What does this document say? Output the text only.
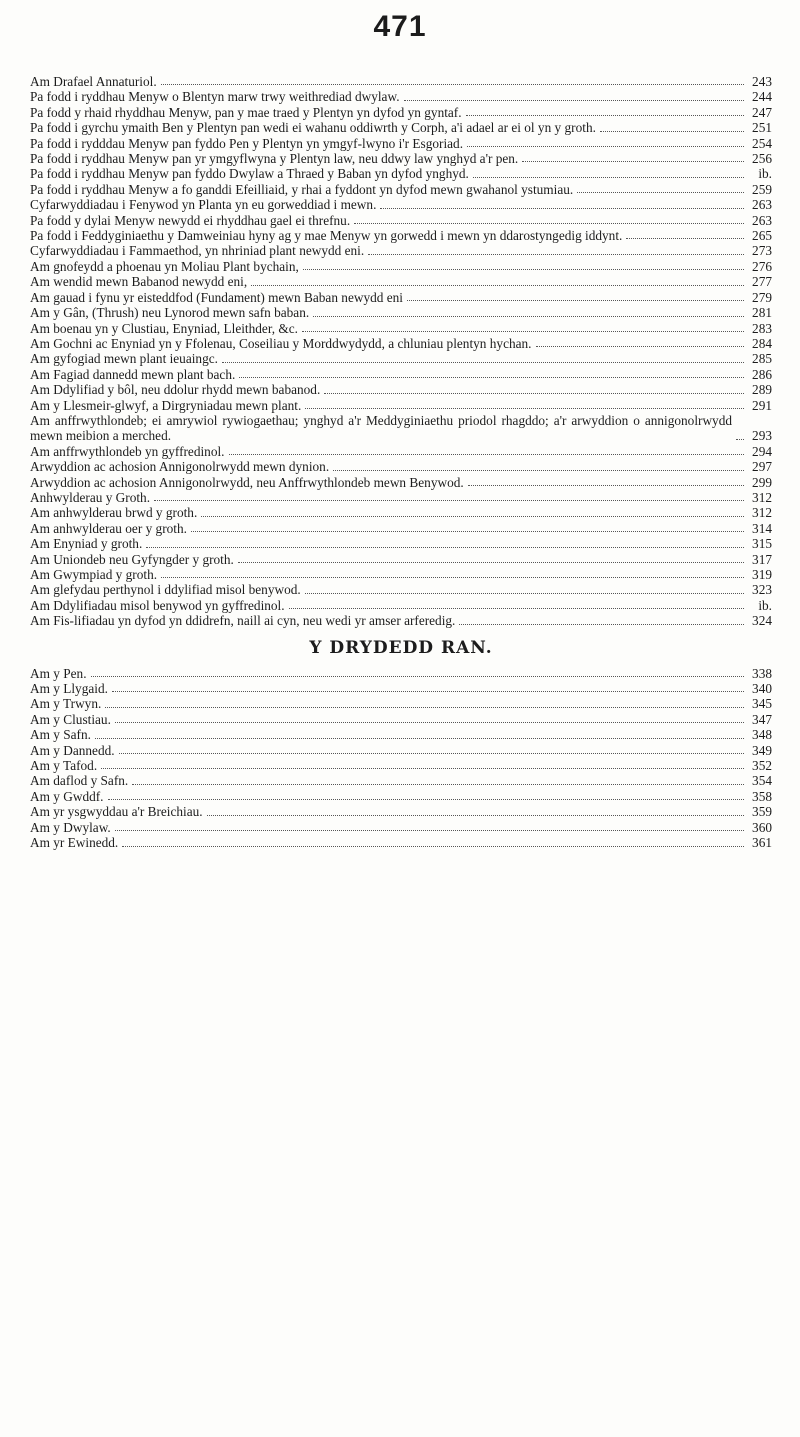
471
Am Drafael Annaturiol.	243
Pa fodd i ryddhau Menyw o Blentyn marw trwy weithrediad dwylaw.	244
Pa fodd y rhaid rhyddhau Menyw, pan y mae traed y Plentyn yn dyfod yn gyntaf.	247
Pa fodd i gyrchu ymaith Ben y Plentyn pan wedi ei wahanu oddiwrth y Corph, a'i adael ar ei ol yn y groth.	251
Pa fodd i rydddau Menyw pan fyddo Pen y Plentyn yn ymgyf-lwyno i'r Esgoriad.	254
Pa fodd i ryddhau Menyw pan yr ymgyflwyna y Plentyn law, neu ddwy law ynghyd a'r pen.	256
Pa fodd i ryddhau Menyw pan fyddo Dwylaw a Thraed y Baban yn dyfod ynghyd.	ib.
Pa fodd i ryddhau Menyw a fo ganddi Efeilliaid, y rhai a fyddont yn dyfod mewn gwahanol ystumiau.	259
Cyfarwyddiadau i Fenywod yn Planta yn eu gorweddiad i mewn.	263
Pa fodd y dylai Menyw newydd ei rhyddhau gael ei threfnu.	263
Pa fodd i Feddyginiaethu y Damweiniau hyny ag y mae Menyw yn gorwedd i mewn yn ddarostyngedig iddynt.	265
Cyfarwyddiadau i Fammaethod, yn nhriniad plant newydd eni.	273
Am gnofeydd a phoenau yn Moliau Plant bychain,	276
Am wendid mewn Babanod newydd eni,	277
Am gauad i fynu yr eisteddfod (Fundament) mewn Baban newydd eni	279
Am y Gân, (Thrush) neu Lynorod mewn safn baban.	281
Am boenau yn y Clustiau, Enyniad, Lleithder, &c.	283
Am Gochni ac Enyniad yn y Ffolenau, Coseiliau y Morddwydydd, a chluniau plentyn hychan.	284
Am gyfogiad mewn plant ieuaingc.	285
Am Fagiad dannedd mewn plant bach.	286
Am Ddylifiad y bôl, neu ddolur rhydd mewn babanod.	289
Am y Llesmeir-glwyf, a Dirgryniadau mewn plant.	291
Am anffrwythlondeb; ei amrywiol rywiogaethau; ynghyd a'r Meddyginiaethu priodol rhagddo; a'r arwyddion o annigonolrwydd mewn meibion a merched.	293
Am anffrwythlondeb yn gyffredinol.	294
Arwyddion ac achosion Annigonolrwydd mewn dynion.	297
Arwyddion ac achosion Annigonolrwydd, neu Anffrwythlondeb mewn Benywod.	299
Anhwylderau y Groth.	312
Am anhwylderau brwd y groth.	312
Am anhwylderau oer y groth.	314
Am Enyniad y groth.	315
Am Uniondeb neu Gyfyngder y groth.	317
Am Gwympiad y groth.	319
Am glefydau perthynol i ddylifiad misol benywod.	323
Am Ddylifiadau misol benywod yn gyffredinol.	ib.
Am Fis-lifiadau yn dyfod yn ddidrefn, naill ai cyn, neu wedi yr amser arferedig.	324
Y DRYDEDD RAN.
Am y Pen.	338
Am y Llygaid.	340
Am y Trwyn.	345
Am y Clustiau.	347
Am y Safn.	348
Am y Dannedd.	349
Am y Tafod.	352
Am daflod y Safn.	354
Am y Gwddf.	358
Am yr ysgwyddau a'r Breichiau.	359
Am y Dwylaw.	360
Am yr Ewinedd.	361
